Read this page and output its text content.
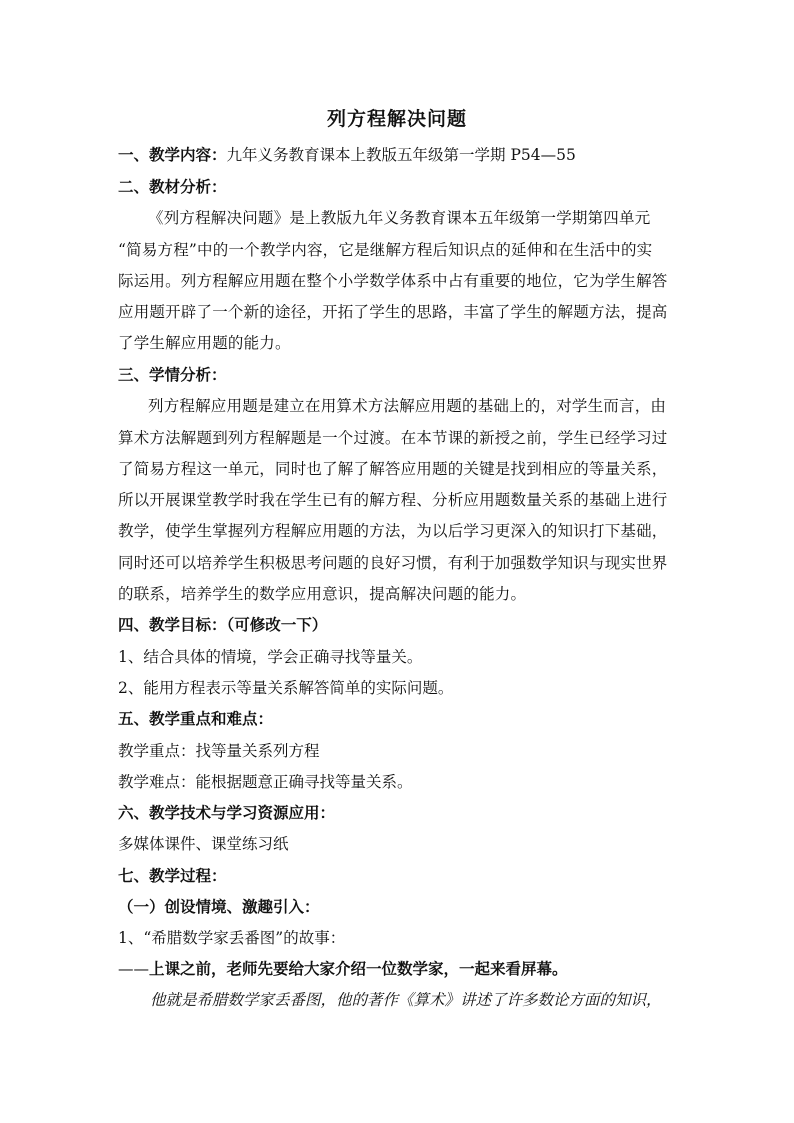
列方程解决问题
一、教学内容：九年义务教育课本上教版五年级第一学期 P54—55
二、教材分析：
《列方程解决问题》是上教版九年义务教育课本五年级第一学期第四单元
“简易方程”中的一个教学内容，它是继解方程后知识点的延伸和在生活中的实
际运用。列方程解应用题在整个小学数学体系中占有重要的地位，它为学生解答
应用题开辟了一个新的途径，开拓了学生的思路，丰富了学生的解题方法，提高
了学生解应用题的能力。
三、学情分析：
列方程解应用题是建立在用算术方法解应用题的基础上的，对学生而言，由
算术方法解题到列方程解题是一个过渡。在本节课的新授之前，学生已经学习过
了简易方程这一单元，同时也了解了解答应用题的关键是找到相应的等量关系，
所以开展课堂教学时我在学生已有的解方程、分析应用题数量关系的基础上进行
教学，使学生掌握列方程解应用题的方法，为以后学习更深入的知识打下基础，
同时还可以培养学生积极思考问题的良好习惯，有利于加强数学知识与现实世界
的联系，培养学生的数学应用意识，提高解决问题的能力。
四、教学目标：（可修改一下）
1、结合具体的情境，学会正确寻找等量关。
2、能用方程表示等量关系解答简单的实际问题。
五、教学重点和难点：
教学重点：找等量关系列方程
教学难点：能根据题意正确寻找等量关系。
六、教学技术与学习资源应用：
多媒体课件、课堂练习纸
七、教学过程：
（一）创设情境、激趣引入：
1、“希腊数学家丢番图”的故事：
——上课之前，老师先要给大家介绍一位数学家，一起来看屏幕。
他就是希腊数学家丢番图，他的著作《算术》讲述了许多数论方面的知识，
